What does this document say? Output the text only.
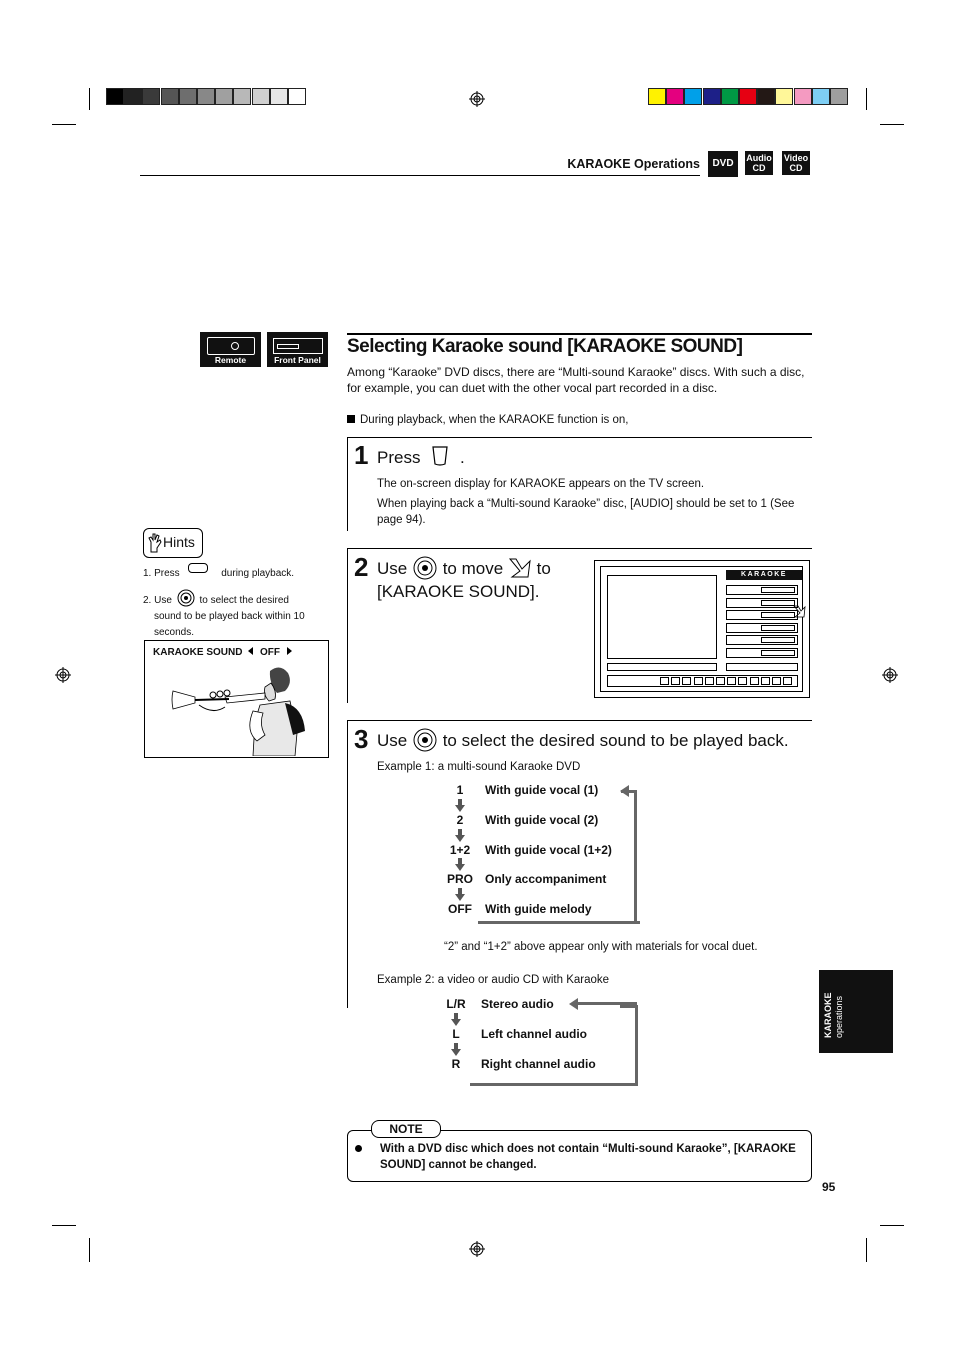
KARAOKE Operations	DVD	Audio
CD
Video
CD
Remote Control
Front Panel
Selecting Karaoke sound [KARAOKE SOUND]
Among “Karaoke” DVD discs, there are “Multi-sound Karaoke” discs. With such a disc, for example, you can duet with the other vocal part recorded in a disc.
During playback, when the KARAOKE function is on,
1 Press .
The on-screen display for KARAOKE appears on the TV screen.
When playing back a “Multi-sound Karaoke” disc, [AUDIO] should be set to 1 (See page 94).
Hints
1. Press	during playback.
2. Use	to select the desired
sound to be played back within 10
seconds.
KARAOKE SOUND OFF
2 Use to move to
[KARAOKE SOUND].
KARAOKE
3 Use to select the desired sound to be played back.
Example 1: a multi-sound Karaoke DVD
1	With guide vocal (1)
2	With guide vocal (2)
1+2	With guide vocal (1+2)
PRO Only accompaniment
OFF With guide melody
“2” and “1+2” above appear only with materials for vocal duet.
Example 2: a video or audio CD with Karaoke
L/R	Stereo audio
L	Left channel audio
R	Right channel audio
NOTE
With a DVD disc which does not contain “Multi-sound Karaoke”, [KARAOKE SOUND] cannot be changed.
KARAOKE operations
95
